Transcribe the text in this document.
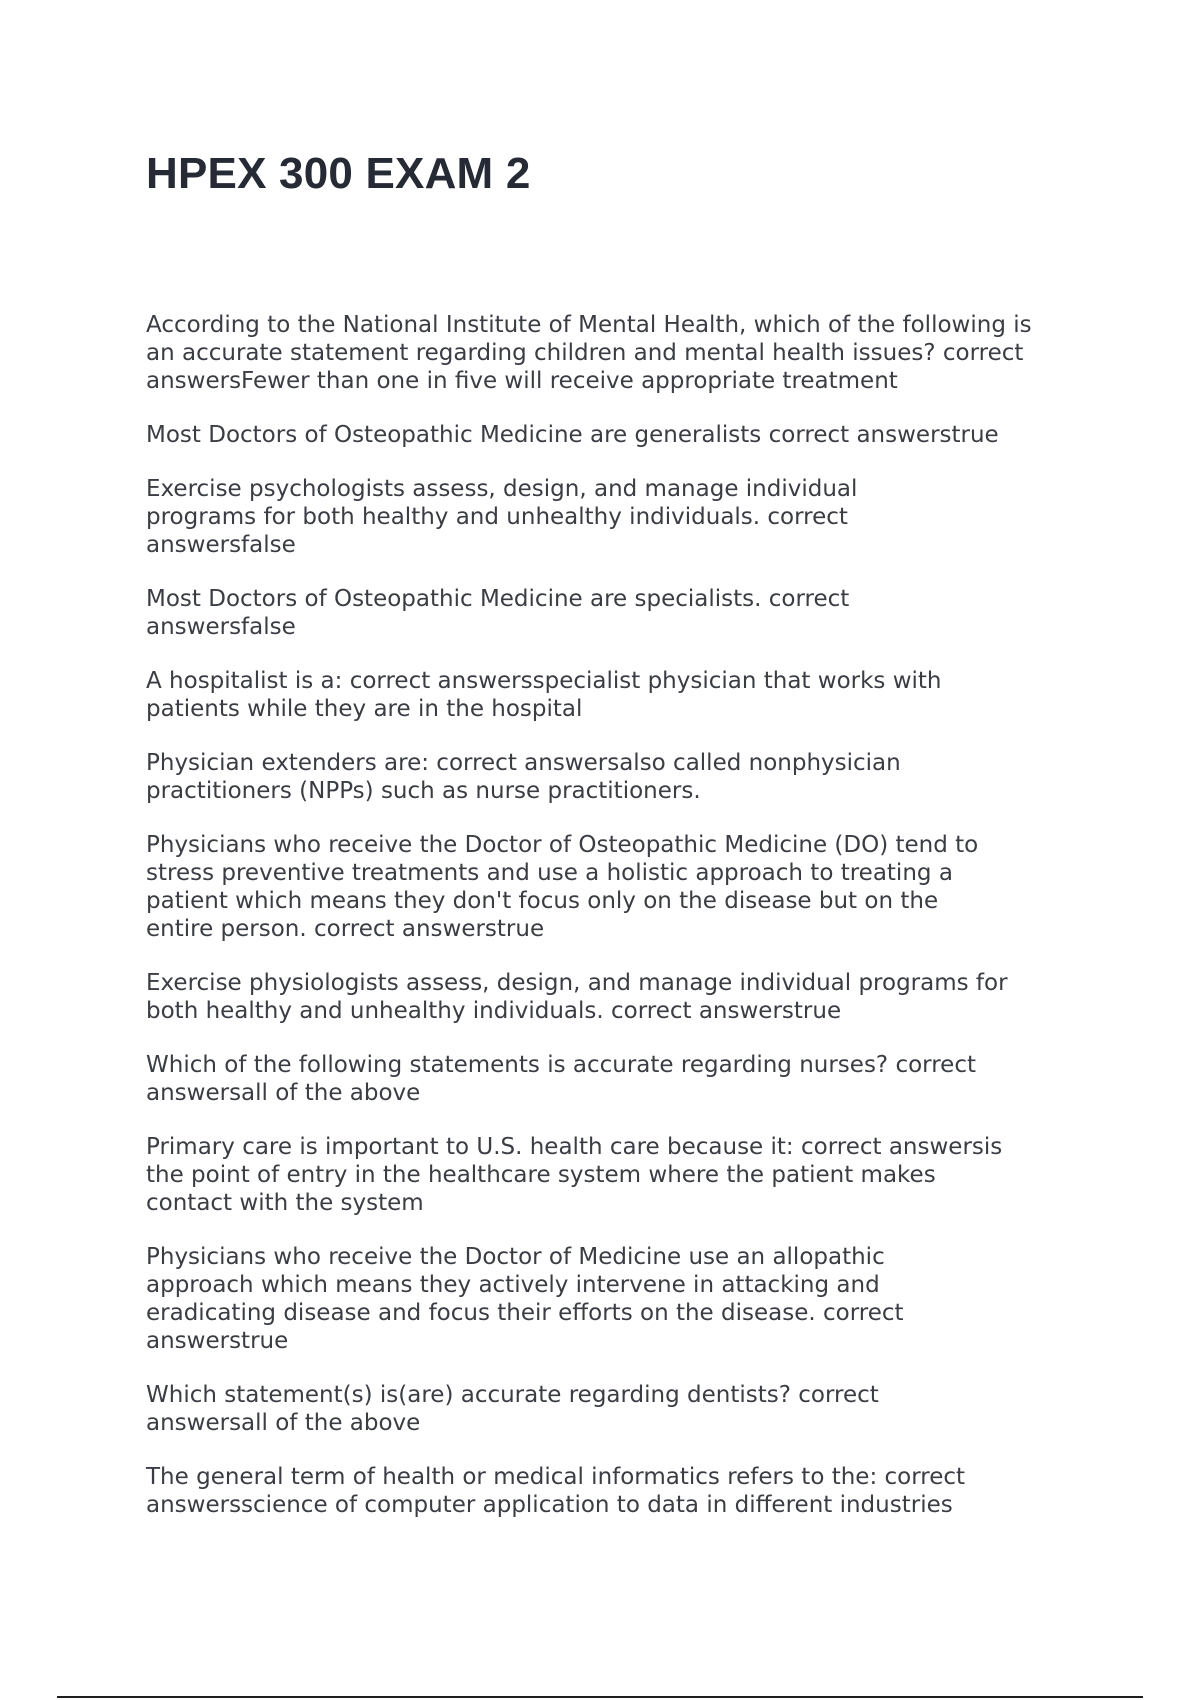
HPEX 300 EXAM 2

According to the National Institute of Mental Health, which of the following is
an accurate statement regarding children and mental health issues? correct
answersFewer than one in five will receive appropriate treatment

Most Doctors of Osteopathic Medicine are generalists correct answerstrue

Exercise psychologists assess, design, and manage individual
programs for both healthy and unhealthy individuals. correct
answersfalse

Most Doctors of Osteopathic Medicine are specialists. correct
answersfalse

A hospitalist is a: correct answersspecialist physician that works with
patients while they are in the hospital

Physician extenders are: correct answersalso called nonphysician
practitioners (NPPs) such as nurse practitioners.

Physicians who receive the Doctor of Osteopathic Medicine (DO) tend to
stress preventive treatments and use a holistic approach to treating a
patient which means they don't focus only on the disease but on the
entire person. correct answerstrue

Exercise physiologists assess, design, and manage individual programs for
both healthy and unhealthy individuals. correct answerstrue

Which of the following statements is accurate regarding nurses? correct
answersall of the above

Primary care is important to U.S. health care because it: correct answersis
the point of entry in the healthcare system where the patient makes
contact with the system

Physicians who receive the Doctor of Medicine use an allopathic
approach which means they actively intervene in attacking and
eradicating disease and focus their efforts on the disease. correct
answerstrue

Which statement(s) is(are) accurate regarding dentists? correct
answersall of the above

The general term of health or medical informatics refers to the: correct
answersscience of computer application to data in different industries
